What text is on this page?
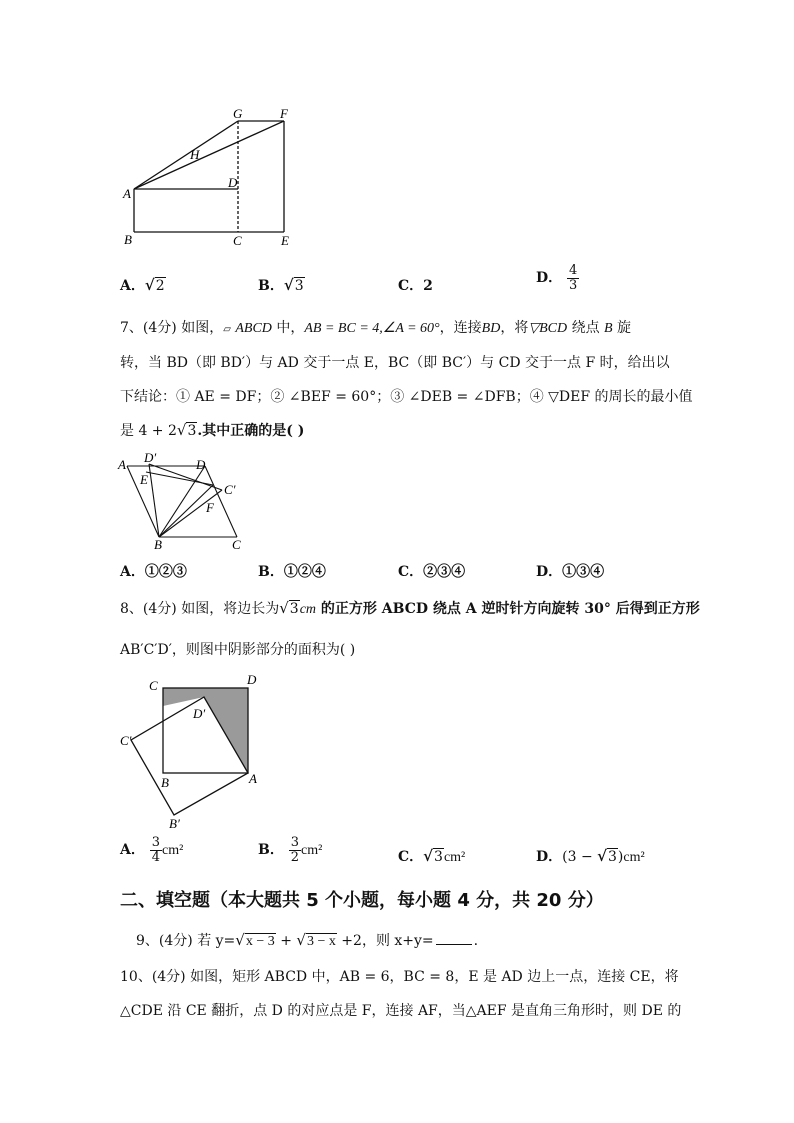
G	F
H
D
A
B	C	E
A．√2	B．√3	C．2	D． $\frac{4}{3}$
7、(4分) 如图，▱ ABCD 中，AB = BC = 4,∠A = 60°，连接BD，将▽BCD 绕点 B 旋
转，当 BD（即 BD′）与 AD 交于一点 E，BC（即 BC′）与 CD 交于一点 F 时，给出以
下结论：① AE = DF；② ∠BEF = 60°；③ ∠DEB = ∠DFB；④ ▽DEF 的周长的最小值
是 4 + 2√3.其中正确的是( )
A D′	D
E
C′
F
B	C
A．①②③	B．①②④	C．②③④	D．①③④
8、(4分) 如图，将边长为√3cm 的正方形 ABCD 绕点 A 逆时针方向旋转 30° 后得到正方形
AB′C′D′，则图中阴影部分的面积为( )
C	D
D′
C′
B	A
B′
A． $\frac{3}{4} cm^2$	B． $\frac{3}{2} cm^2$	C．√3cm²	D．(3 − √3)cm²
二、填空题（本大题共 5 个小题，每小题 4 分，共 20 分）
9、(4分) 若 y=√x − 3 + √3 − x +2，则 x+y=	.
10、(4分) 如图，矩形 ABCD 中，AB = 6，BC = 8，E 是 AD 边上一点，连接 CE，将
△CDE 沿 CE 翻折，点 D 的对应点是 F，连接 AF，当△AEF 是直角三角形时，则 DE 的
